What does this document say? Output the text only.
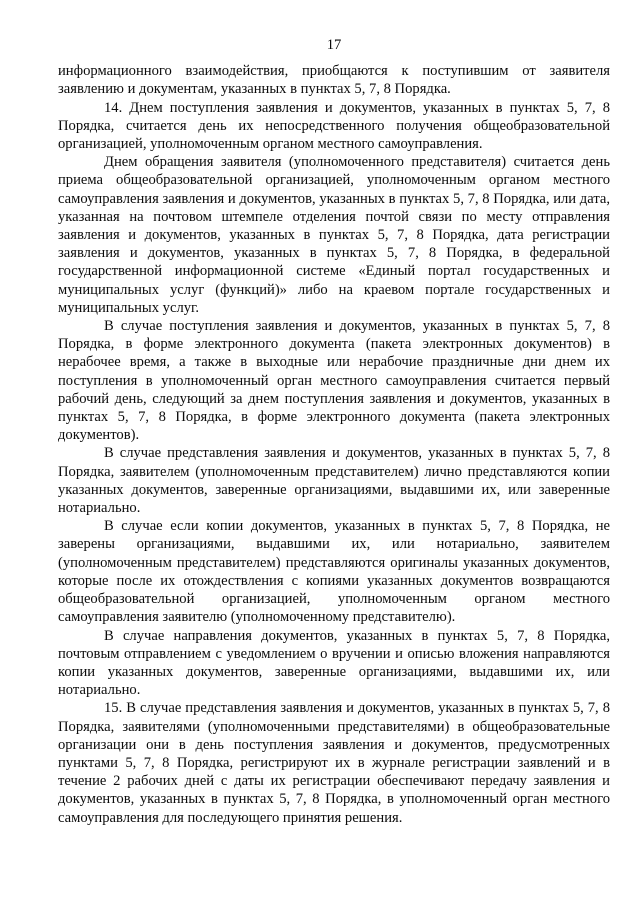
17

информационного взаимодействия, приобщаются к поступившим от заявителя заявлению и документам, указанных в пунктах 5, 7, 8 Порядка.

14. Днем поступления заявления и документов, указанных в пунктах 5, 7, 8 Порядка, считается день их непосредственного получения общеобразовательной организацией, уполномоченным органом местного самоуправления.

Днем обращения заявителя (уполномоченного представителя) считается день приема общеобразовательной организацией, уполномоченным органом местного самоуправления заявления и документов, указанных в пунктах 5, 7, 8 Порядка, или дата, указанная на почтовом штемпеле отделения почтой связи по месту отправления заявления и документов, указанных в пунктах 5, 7, 8 Порядка, дата регистрации заявления и документов, указанных в пунктах 5, 7, 8 Порядка, в федеральной государственной информационной системе «Единый портал государственных и муниципальных услуг (функций)» либо на краевом портале государственных и муниципальных услуг.

В случае поступления заявления и документов, указанных в пунктах 5, 7, 8 Порядка, в форме электронного документа (пакета электронных документов) в нерабочее время, а также в выходные или нерабочие праздничные дни днем их поступления в уполномоченный орган местного самоуправления считается первый рабочий день, следующий за днем поступления заявления и документов, указанных в пунктах 5, 7, 8 Порядка, в форме электронного документа (пакета электронных документов).

В случае представления заявления и документов, указанных в пунктах 5, 7, 8 Порядка, заявителем (уполномоченным представителем) лично представляются копии указанных документов, заверенные организациями, выдавшими их, или заверенные нотариально.

В случае если копии документов, указанных в пунктах 5, 7, 8 Порядка, не заверены организациями, выдавшими их, или нотариально, заявителем (уполномоченным представителем) представляются оригиналы указанных документов, которые после их отождествления с копиями указанных документов возвращаются общеобразовательной организацией, уполномоченным органом местного самоуправления заявителю (уполномоченному представителю).

В случае направления документов, указанных в пунктах 5, 7, 8 Порядка, почтовым отправлением с уведомлением о вручении и описью вложения направляются копии указанных документов, заверенные организациями, выдавшими их, или нотариально.

15. В случае представления заявления и документов, указанных в пунктах 5, 7, 8 Порядка, заявителями (уполномоченными представителями) в общеобразовательные организации они в день поступления заявления и документов, предусмотренных пунктами 5, 7, 8 Порядка, регистрируют их в журнале регистрации заявлений и в течение 2 рабочих дней с даты их регистрации обеспечивают передачу заявления и документов, указанных в пунктах 5, 7, 8 Порядка, в уполномоченный орган местного самоуправления для последующего принятия решения.
